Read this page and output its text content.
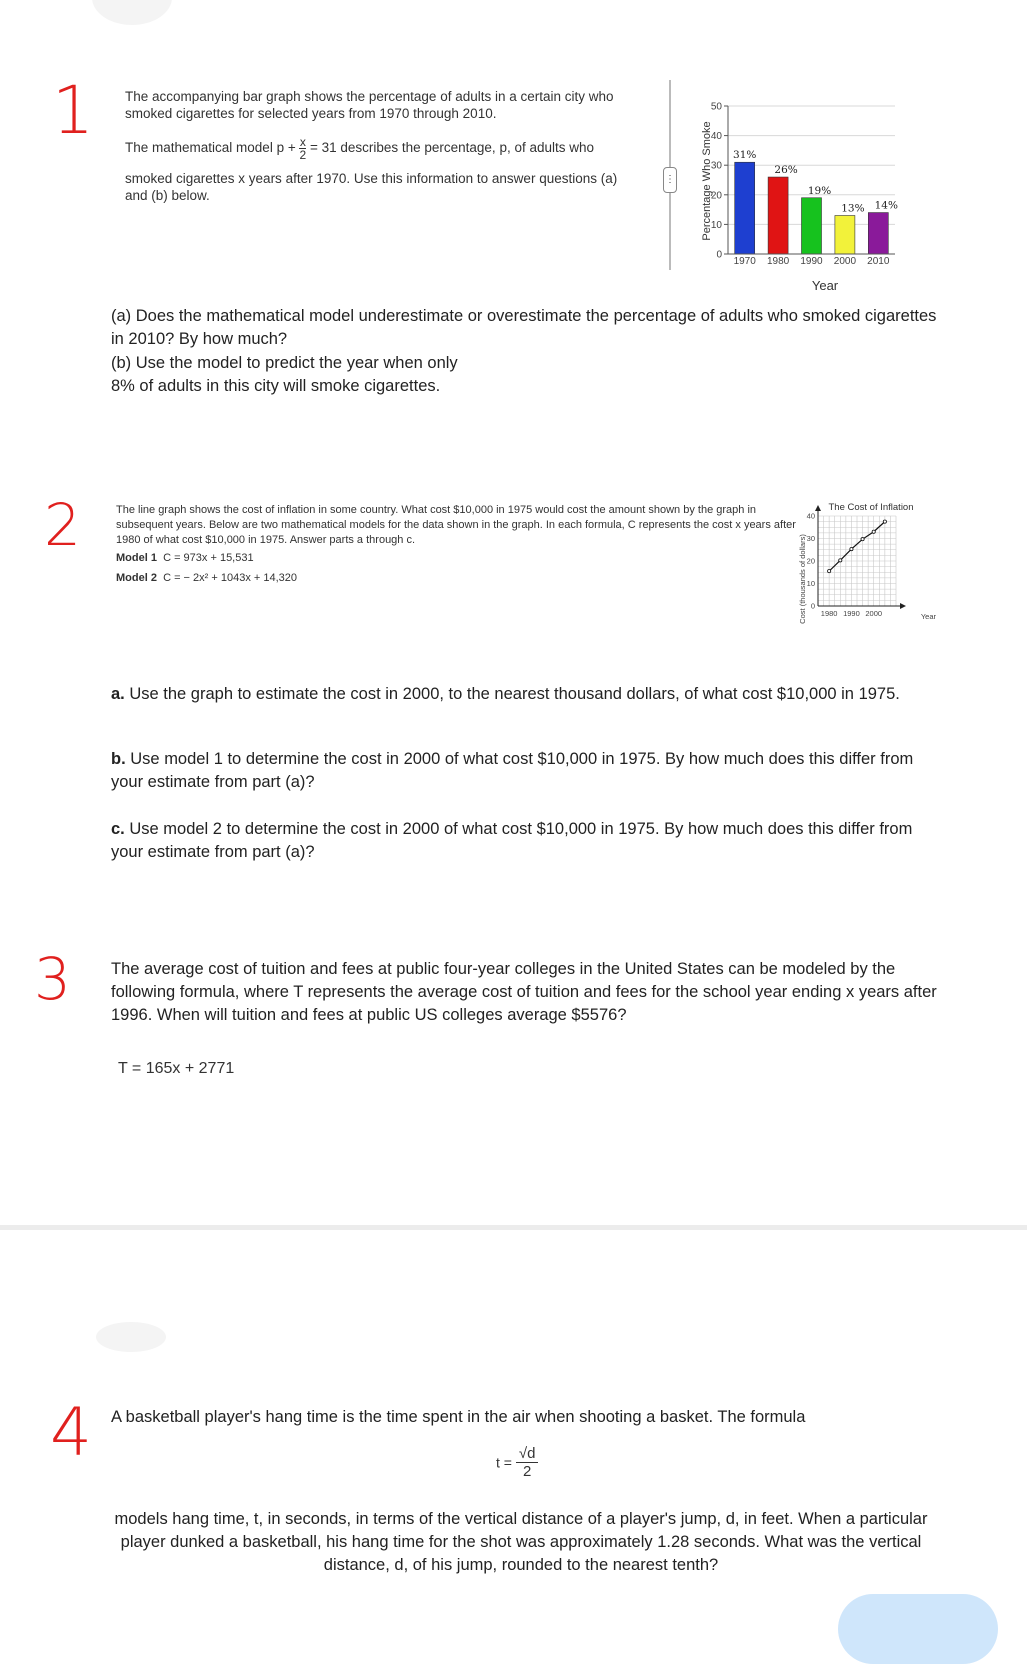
1 The accompanying bar graph shows the percentage of adults in a certain city who smoked cigarettes for selected years from 1970 through 2010.
The mathematical model $p + \frac{x}{2} = 31$ describes the percentage, p, of adults who
smoked cigarettes x years after 1970. Use this information to answer questions (a) and (b) below.
⋮ Percentage Who Smoke
0
10
20
30
40
50
31%
26%
19%
13% 14%
1970 1980 1990 2000 2010
Year
(a) Does the mathematical model underestimate or overestimate the percentage of adults who smoked cigarettes in 2010? By how much?
(b) Use the model to predict the year when only 8% of adults in this city will smoke cigarettes.
2	The line graph shows the cost of inflation in some country. What cost $10,000 in 1975 would cost the amount shown by the graph in subsequent years. Below are two mathematical models for the data shown in the graph. In each formula, C represents the cost x years after 1980 of what cost $10,000 in 1975. Answer parts a through c.
Model 1 C = 973x + 15,531
Model 2 C = − 2x² + 1043x + 14,320
The Cost of Inflation
Cost (thousands of dollars) 0
10
20
30
40
1980 1990 2000	Year
a. Use the graph to estimate the cost in 2000, to the nearest thousand dollars, of what cost $10,000 in 1975.
b. Use model 1 to determine the cost in 2000 of what cost $10,000 in 1975. By how much does this differ from your estimate from part (a)?
c. Use model 2 to determine the cost in 2000 of what cost $10,000 in 1975. By how much does this differ from your estimate from part (a)?
3 The average cost of tuition and fees at public four-year colleges in the United States can be modeled by the following formula, where T represents the average cost of tuition and fees for the school year ending x years after 1996. When will tuition and fees at public US colleges average $5576?
T = 165x + 2771
4 A basketball player's hang time is the time spent in the air when shooting a basket. The formula
$t = \frac{√d}{2}$
models hang time, t, in seconds, in terms of the vertical distance of a player's jump, d, in feet. When a particular player dunked a basketball, his hang time for the shot was approximately 1.28 seconds. What was the vertical distance, d, of his jump, rounded to the nearest tenth?
